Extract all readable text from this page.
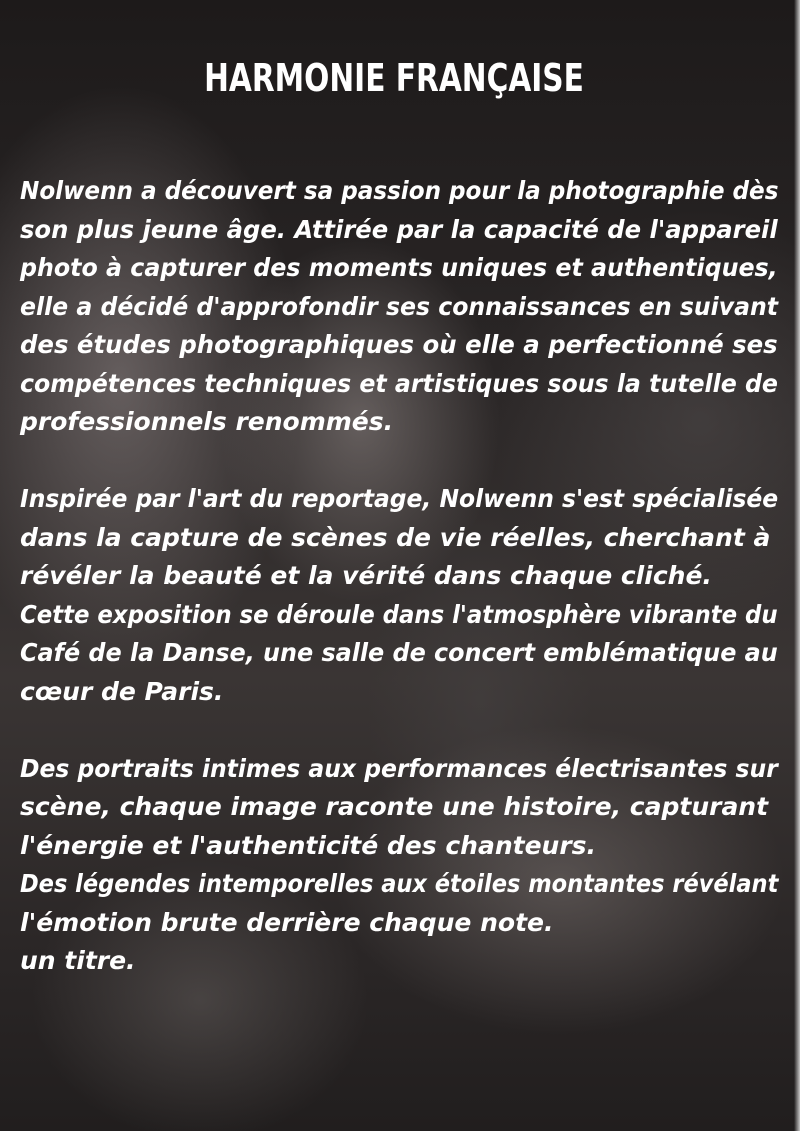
HARMONIE FRANÇAISE

Nolwenn a découvert sa passion pour la photographie dès
son plus jeune âge. Attirée par la capacité de l'appareil
photo à capturer des moments uniques et authentiques,
elle a décidé d'approfondir ses connaissances en suivant
des études photographiques où elle a perfectionné ses
compétences techniques et artistiques sous la tutelle de
professionnels renommés.

Inspirée par l'art du reportage, Nolwenn s'est spécialisée
dans la capture de scènes de vie réelles, cherchant à
révéler la beauté et la vérité dans chaque cliché.
Cette exposition se déroule dans l'atmosphère vibrante du
Café de la Danse, une salle de concert emblématique au
cœur de Paris.

Des portraits intimes aux performances électrisantes sur
scène, chaque image raconte une histoire, capturant
l'énergie et l'authenticité des chanteurs.
Des légendes intemporelles aux étoiles montantes révélant
l'émotion brute derrière chaque note.
un titre.
